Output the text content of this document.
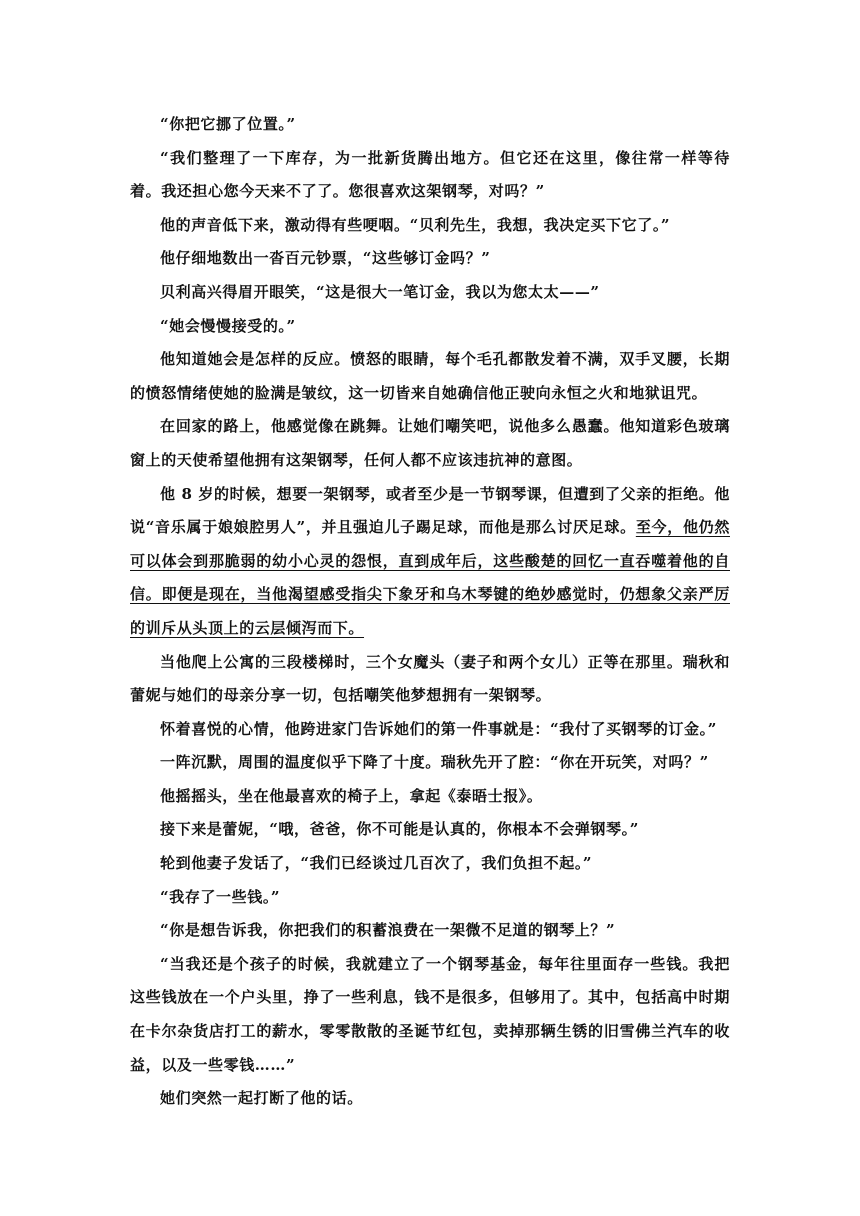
“你把它挪了位置。”

“我们整理了一下库存，为一批新货腾出地方。但它还在这里，像往常一样等待着。我还担心您今天来不了了。您很喜欢这架钢琴，对吗？”

他的声音低下来，激动得有些哽咽。“贝利先生，我想，我决定买下它了。”

他仔细地数出一沓百元钞票，“这些够订金吗？”

贝利高兴得眉开眼笑，“这是很大一笔订金，我以为您太太——”

“她会慢慢接受的。”

他知道她会是怎样的反应。愤怒的眼睛，每个毛孔都散发着不满，双手叉腰，长期的愤怒情绪使她的脸满是皱纹，这一切皆来自她确信他正驶向永恒之火和地狱诅咒。

在回家的路上，他感觉像在跳舞。让她们嘲笑吧，说他多么愚蠢。他知道彩色玻璃窗上的天使希望他拥有这架钢琴，任何人都不应该违抗神的意图。

他 8 岁的时候，想要一架钢琴，或者至少是一节钢琴课，但遭到了父亲的拒绝。他说“音乐属于娘娘腔男人”，并且强迫儿子踢足球，而他是那么讨厌足球。至今，他仍然可以体会到那脆弱的幼小心灵的怨恨，直到成年后，这些酸楚的回忆一直吞噬着他的自信。即便是现在，当他渴望感受指尖下象牙和乌木琴键的绝妙感觉时，仍想象父亲严厉的训斥从头顶上的云层倾泻而下。

当他爬上公寓的三段楼梯时，三个女魔头（妻子和两个女儿）正等在那里。瑞秋和蕾妮与她们的母亲分享一切，包括嘲笑他梦想拥有一架钢琴。

怀着喜悦的心情，他跨进家门告诉她们的第一件事就是：“我付了买钢琴的订金。”

一阵沉默，周围的温度似乎下降了十度。瑞秋先开了腔：“你在开玩笑，对吗？”

他摇摇头，坐在他最喜欢的椅子上，拿起《泰晤士报》。

接下来是蕾妮，“哦，爸爸，你不可能是认真的，你根本不会弹钢琴。”

轮到他妻子发话了，“我们已经谈过几百次了，我们负担不起。”

“我存了一些钱。”

“你是想告诉我，你把我们的积蓄浪费在一架微不足道的钢琴上？”

“当我还是个孩子的时候，我就建立了一个钢琴基金，每年往里面存一些钱。我把这些钱放在一个户头里，挣了一些利息，钱不是很多，但够用了。其中，包括高中时期在卡尔杂货店打工的薪水，零零散散的圣诞节红包，卖掉那辆生锈的旧雪佛兰汽车的收益，以及一些零钱……”

她们突然一起打断了他的话。
